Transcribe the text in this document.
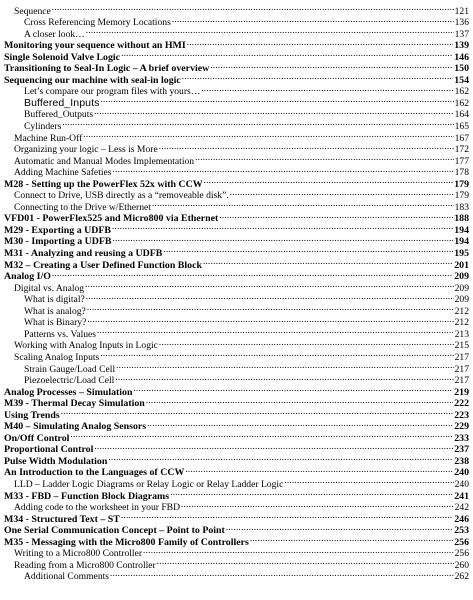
Sequence .....	121
Cross Referencing Memory Locations .....	136
A closer look… .....	137
Monitoring your sequence without an HMI .....	139
Single Solenoid Valve Logic .....	146
Transitioning to Seal-In Logic – A brief overview .....	150
Sequencing our machine with seal-in logic .....	154
Let’s compare our program files with yours… .....	162
Buffered_Inputs .....	162
Buffered_Outputs .....	164
Cylinders .....	165
Machine Run-Off .....	167
Organizing your logic – Less is More .....	172
Automatic and Manual Modes Implementation .....	177
Adding Machine Safeties .....	178
M28 - Setting up the PowerFlex 52x with CCW .....	179
Connect to Drive, USB directly as a “removeable disk”. .....	179
Connecting to the Drive w/Ethernet .....	183
VFD01 - PowerFlex525 and Micro800 via Ethernet .....	188
M29 - Exporting a UDFB .....	194
M30 - Importing a UDFB .....	194
M31 - Analyzing and reusing a UDFB .....	195
M32 – Creating a User Defined Function Block .....	201
Analog I/O .....	209
Digital vs. Analog .....	209
What is digital? .....	209
What is analog? .....	212
What is Binary? .....	212
Patterns vs. Values .....	213
Working with Analog Inputs in Logic .....	215
Scaling Analog Inputs .....	217
Strain Gauge/Load Cell .....	217
Piezoelectric/Load Cell .....	217
Analog Processes – Simulation .....	219
M39 - Thermal Decay Simulation .....	222
Using Trends .....	223
M40 – Simulating Analog Sensors .....	229
On/Off Control .....	233
Proportional Control .....	237
Pulse Width Modulation .....	238
An Introduction to the Languages of CCW .....	240
LLD – Ladder Logic Diagrams or Relay Logic or Relay Ladder Logic .....	240
M33 - FBD – Function Block Diagrams .....	241
Adding code to the worksheet in your FBD .....	242
M34 - Structured Text – ST .....	246
One Serial Communication Concept – Point to Point .....	253
M35 - Messaging with the Micro800 Family of Controllers .....	256
Writing to a Micro800 Controller .....	256
Reading from a Micro800 Controller .....	260
Additional Comments .....	262
